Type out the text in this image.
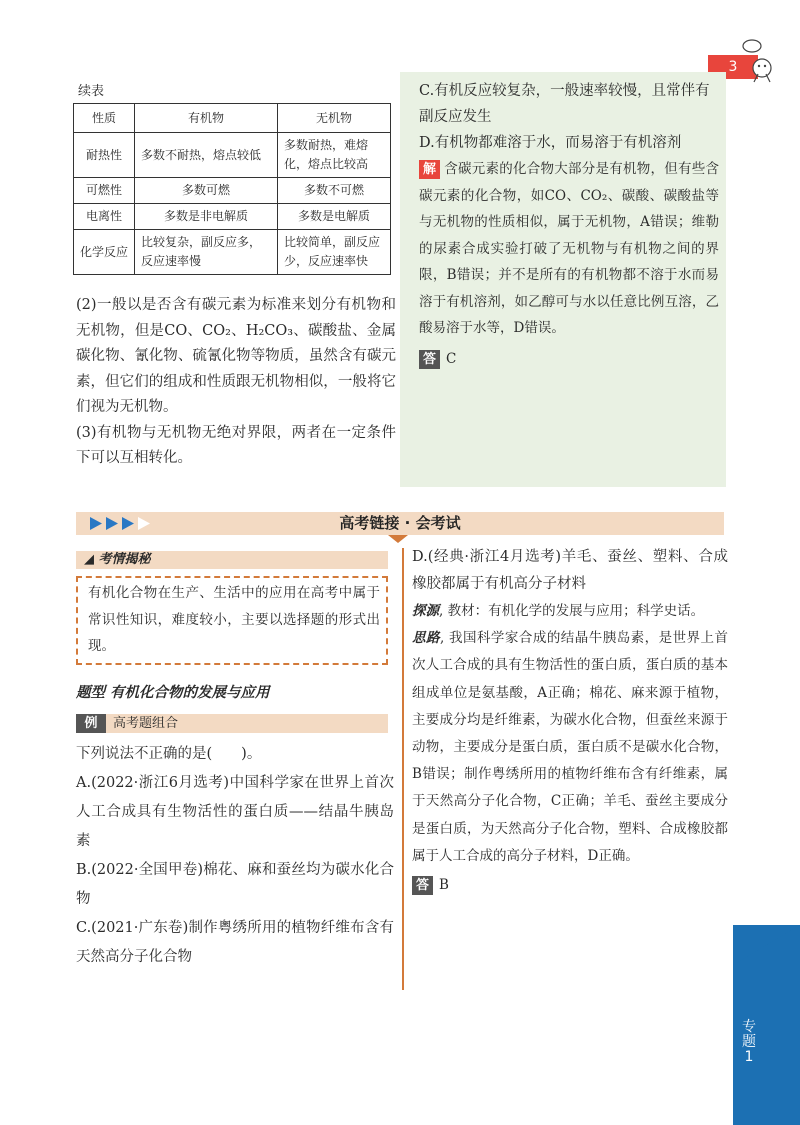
3
续表
性质	有机物	无机物
耐热性	多数不耐热，熔点较低	多数耐热，难熔化，熔点比较高
可燃性	多数可燃	多数不可燃
电离性	多数是非电解质	多数是电解质
化学反应	比较复杂，副反应多，反应速率慢	比较简单，副反应少，反应速率快

(2)一般以是否含有碳元素为标准来划分有机物和无机物，但是CO、CO₂、H₂CO₃、碳酸盐、金属碳化物、氰化物、硫氰化物等物质，虽然含有碳元素，但它们的组成和性质跟无机物相似，一般将它们视为无机物。

(3)有机物与无机物无绝对界限，两者在一定条件下可以互相转化。

C.有机反应较复杂，一般速率较慢，且常伴有副反应发生

D.有机物都难溶于水，而易溶于有机溶剂

解 含碳元素的化合物大部分是有机物，但有些含碳元素的化合物，如CO、CO₂、碳酸、碳酸盐等与无机物的性质相似，属于无机物，A错误；维勒的尿素合成实验打破了无机物与有机物之间的界限，B错误；并不是所有的有机物都不溶于水而易溶于有机溶剂，如乙醇可与水以任意比例互溶，乙酸易溶于水等，D错误。

答 C

高考链接 · 会考试
◢ 考情揭秘
有机化合物在生产、生活中的应用在高考中属于常识性知识，难度较小，主要以选择题的形式出现。
题型 有机化合物的发展与应用
例	高考题组合

下列说法不正确的是(　　)。

A.(2022·浙江6月选考)中国科学家在世界上首次人工合成具有生物活性的蛋白质——结晶牛胰岛素

B.(2022·全国甲卷)棉花、麻和蚕丝均为碳水化合物

C.(2021·广东卷)制作粤绣所用的植物纤维布含有天然高分子化合物

D.(经典·浙江4月选考)羊毛、蚕丝、塑料、合成橡胶都属于有机高分子材料

探源, 教材：有机化学的发展与应用；科学史话。

思路, 我国科学家合成的结晶牛胰岛素，是世界上首次人工合成的具有生物活性的蛋白质，蛋白质的基本组成单位是氨基酸，A正确；棉花、麻来源于植物，主要成分均是纤维素，为碳水化合物，但蚕丝来源于动物，主要成分是蛋白质，蛋白质不是碳水化合物，B错误；制作粤绣所用的植物纤维布含有纤维素，属于天然高分子化合物，C正确；羊毛、蚕丝主要成分是蛋白质，为天然高分子化合物，塑料、合成橡胶都属于人工合成的高分子材料，D正确。

答 B

专题1
